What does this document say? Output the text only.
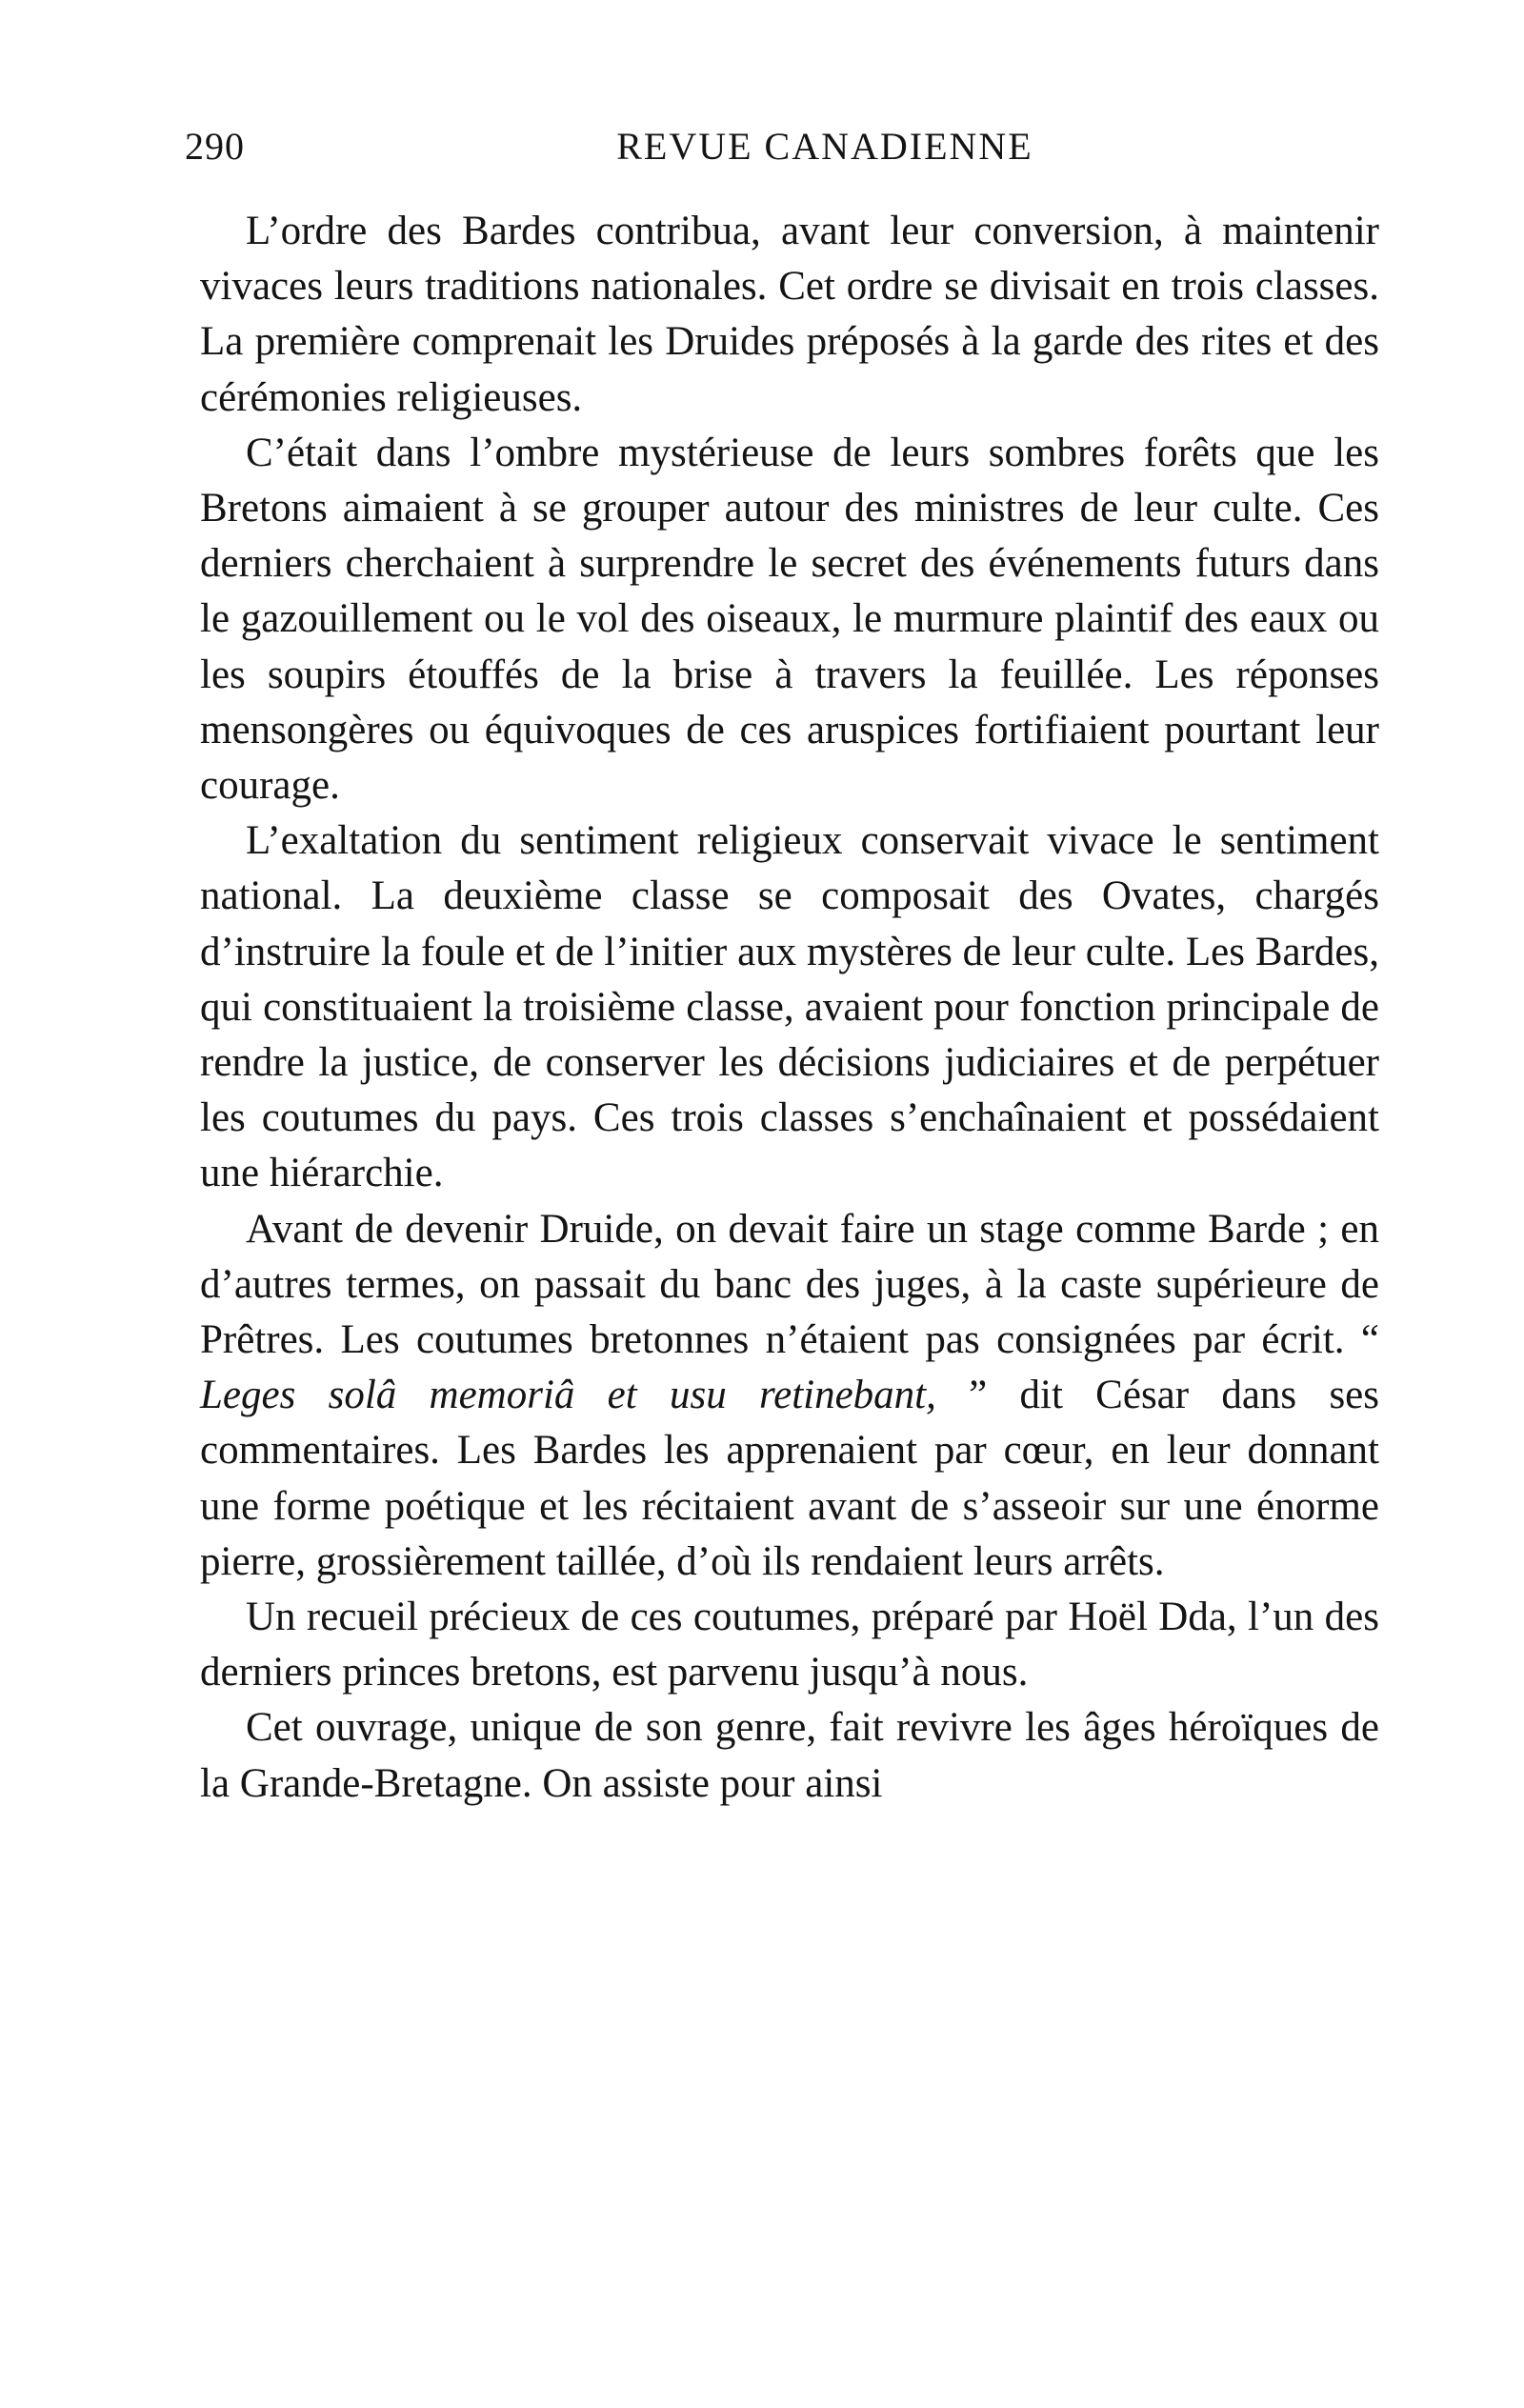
290	REVUE CANADIENNE

L’ordre des Bardes contribua, avant leur conversion, à maintenir vivaces leurs traditions nationales. Cet ordre se divisait en trois classes. La première comprenait les Druides préposés à la garde des rites et des cérémonies religieuses.

C’était dans l’ombre mystérieuse de leurs sombres forêts que les Bretons aimaient à se grouper autour des ministres de leur culte. Ces derniers cherchaient à surprendre le secret des événements futurs dans le gazouillement ou le vol des oiseaux, le murmure plaintif des eaux ou les soupirs étouffés de la brise à travers la feuillée. Les réponses mensongères ou équivoques de ces aruspices fortifiaient pourtant leur courage.

L’exaltation du sentiment religieux conservait vivace le sentiment national. La deuxième classe se composait des Ovates, chargés d’instruire la foule et de l’initier aux mystères de leur culte. Les Bardes, qui constituaient la troisième classe, avaient pour fonction principale de rendre la justice, de conserver les décisions judiciaires et de perpétuer les coutumes du pays. Ces trois classes s’enchaînaient et possédaient une hiérarchie.

Avant de devenir Druide, on devait faire un stage comme Barde ; en d’autres termes, on passait du banc des juges, à la caste supérieure de Prêtres. Les coutumes bretonnes n’étaient pas consignées par écrit. “ Leges solâ memoriâ et usu retinebant, ” dit César dans ses commentaires. Les Bardes les apprenaient par cœur, en leur donnant une forme poétique et les récitaient avant de s’asseoir sur une énorme pierre, grossièrement taillée, d’où ils rendaient leurs arrêts.

Un recueil précieux de ces coutumes, préparé par Hoël Dda, l’un des derniers princes bretons, est parvenu jusqu’à nous.

Cet ouvrage, unique de son genre, fait revivre les âges héroïques de la Grande-Bretagne. On assiste pour ainsi
